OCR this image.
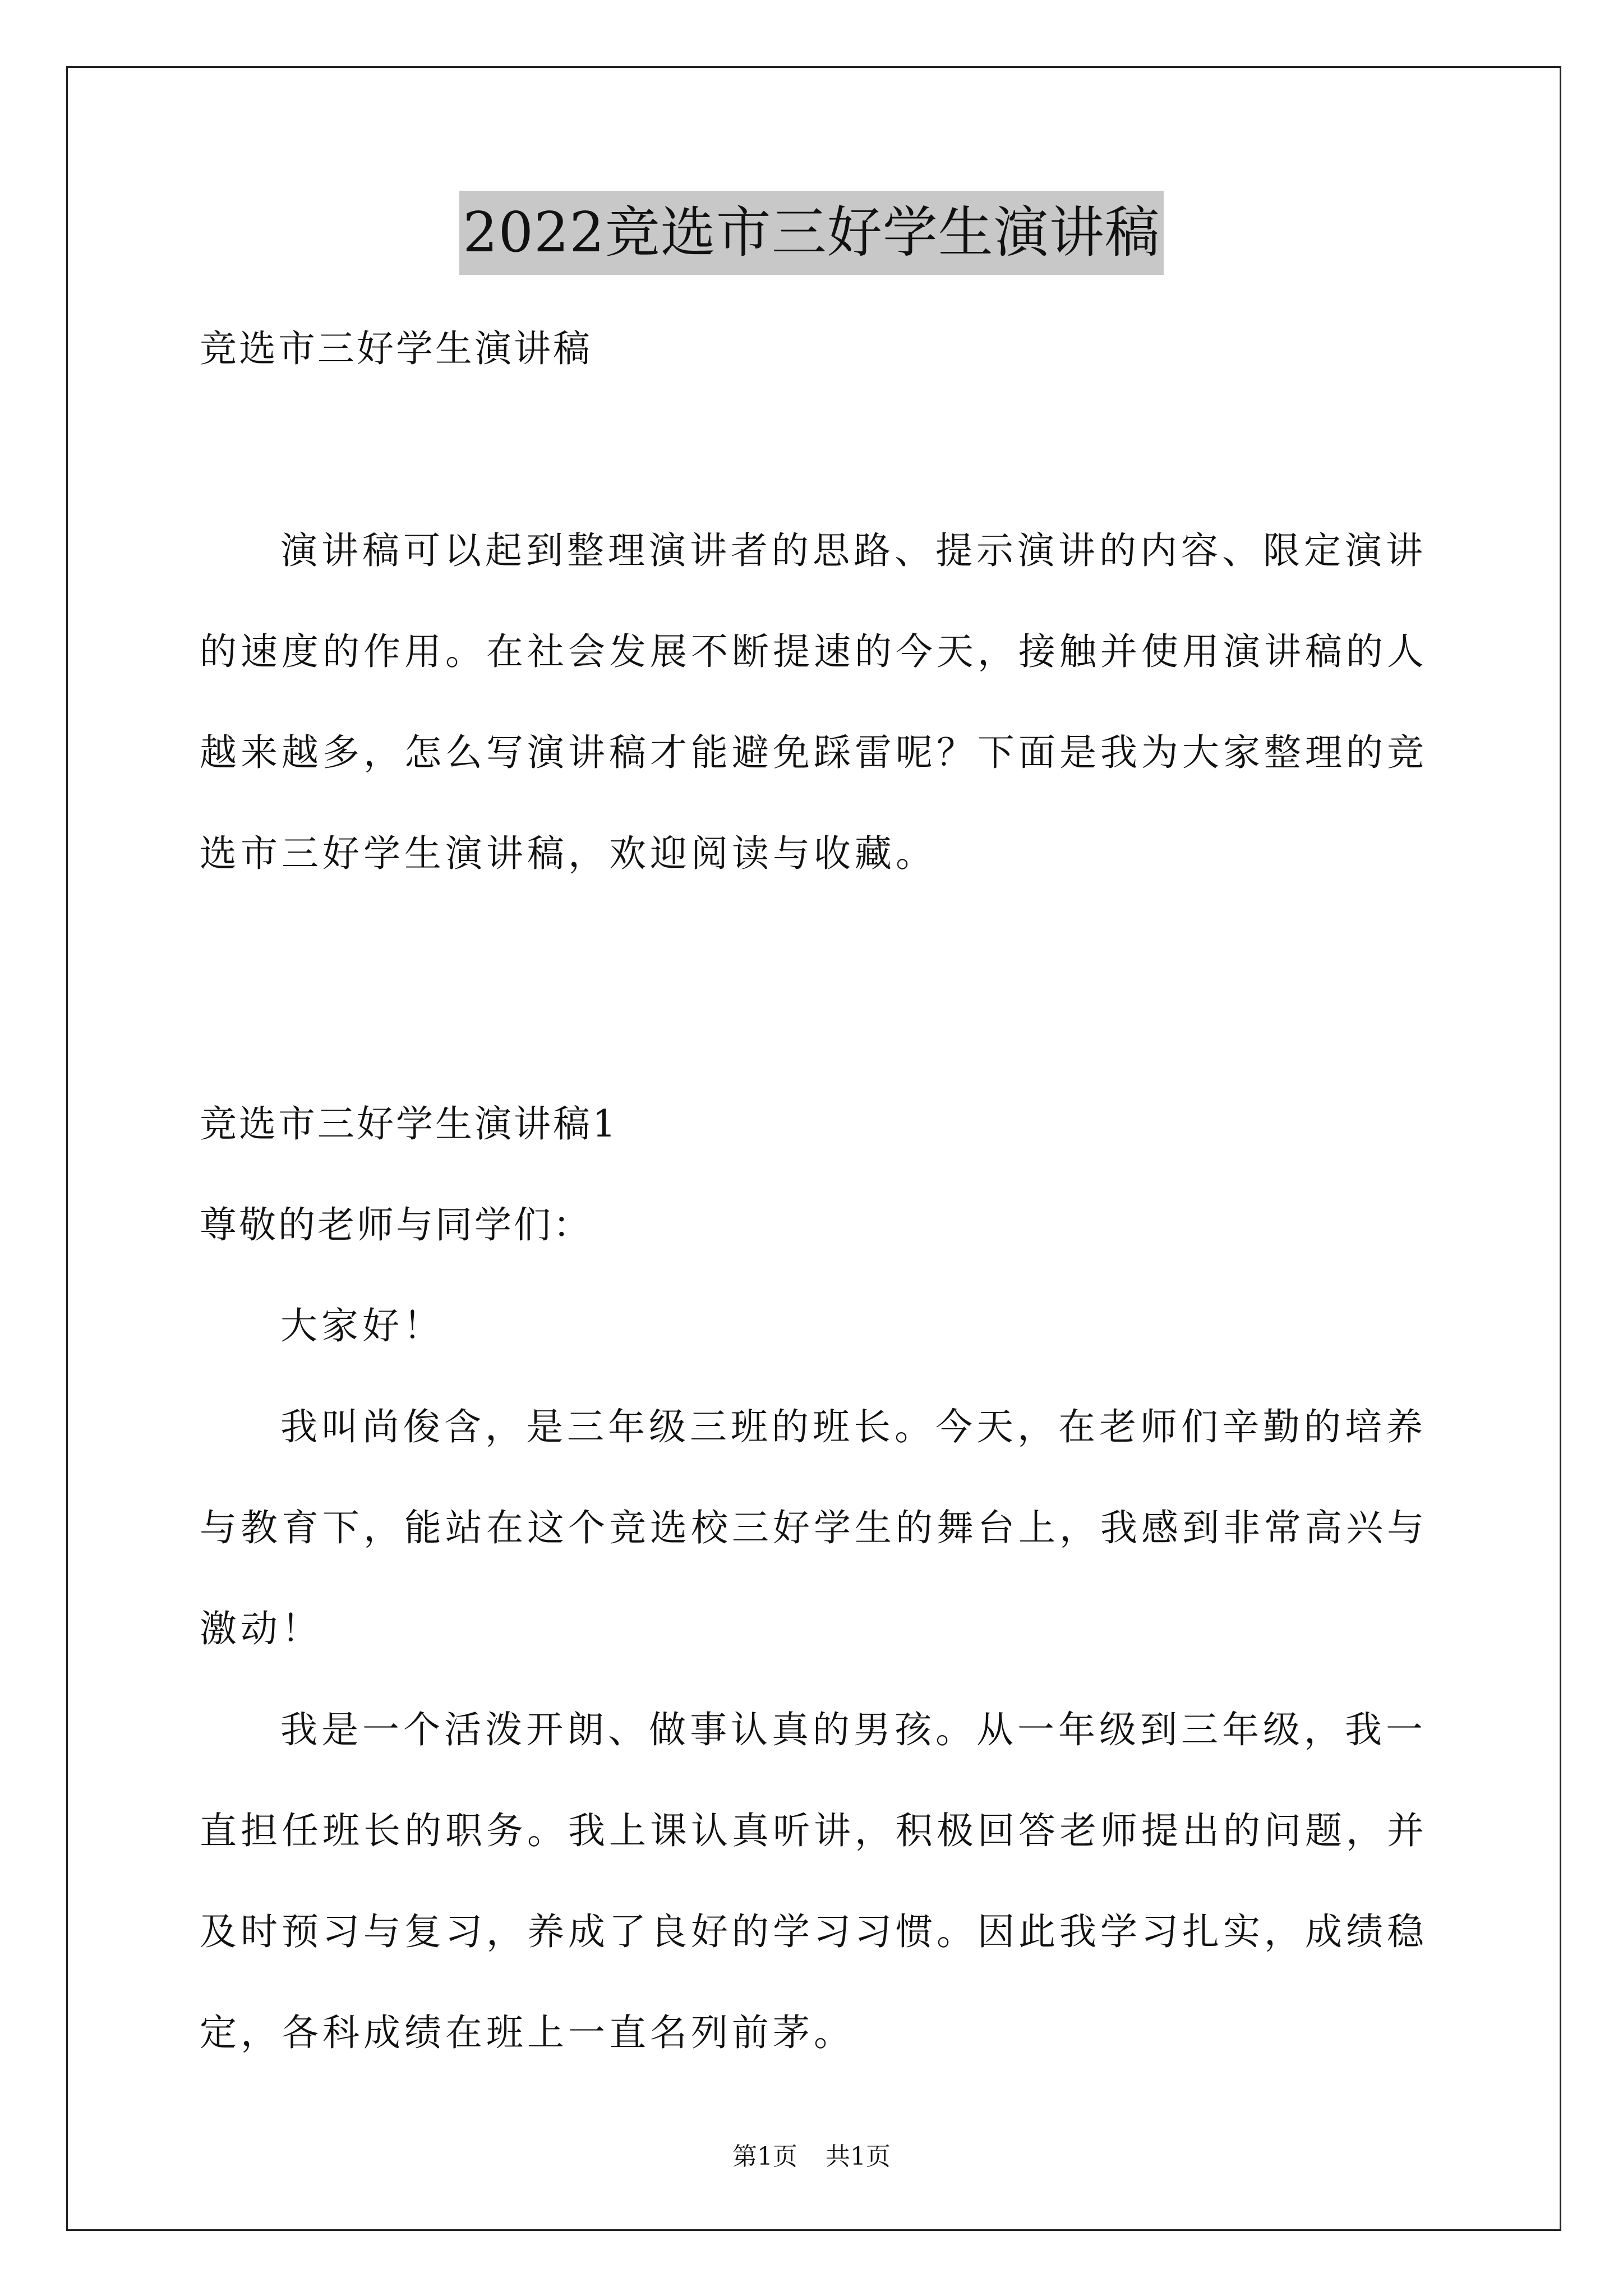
2022竞选市三好学生演讲稿

竞选市三好学生演讲稿

演讲稿可以起到整理演讲者的思路、提示演讲的内容、限定演讲的速度的作用。在社会发展不断提速的今天，接触并使用演讲稿的人越来越多，怎么写演讲稿才能避免踩雷呢？下面是我为大家整理的竞选市三好学生演讲稿，欢迎阅读与收藏。

竞选市三好学生演讲稿1

尊敬的老师与同学们：

大家好！

我叫尚俊含，是三年级三班的班长。今天，在老师们辛勤的培养与教育下，能站在这个竞选校三好学生的舞台上，我感到非常高兴与激动！

我是一个活泼开朗、做事认真的男孩。从一年级到三年级，我一直担任班长的职务。我上课认真听讲，积极回答老师提出的问题，并及时预习与复习，养成了良好的学习习惯。因此我学习扎实，成绩稳定，各科成绩在班上一直名列前茅。

第1页 共1页
